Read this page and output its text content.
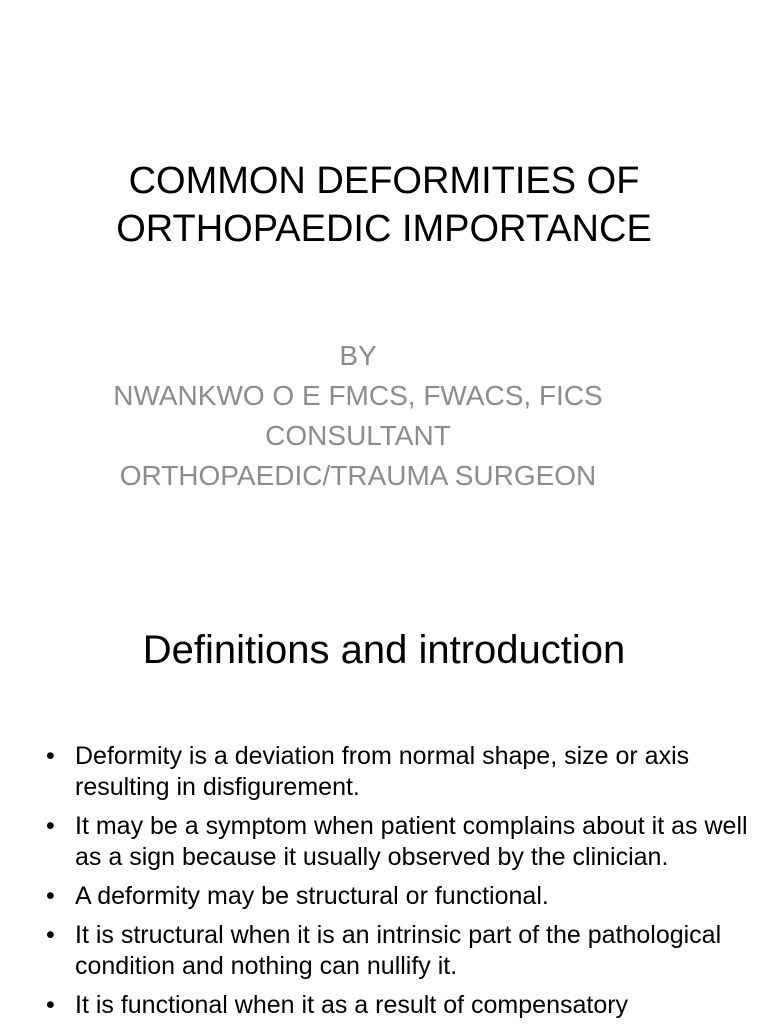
COMMON DEFORMITIES OF
ORTHOPAEDIC IMPORTANCE
BY
NWANKWO O E FMCS, FWACS, FICS
CONSULTANT
ORTHOPAEDIC/TRAUMA SURGEON
Definitions and introduction
• Deformity is a deviation from normal shape, size or axis resulting in disfigurement.
• It may be a symptom when patient complains about it as well as a sign because it usually observed by the clinician.
• A deformity may be structural or functional.
• It is structural when it is an intrinsic part of the pathological condition and nothing can nullify it.
• It is functional when it as a result of compensatory
